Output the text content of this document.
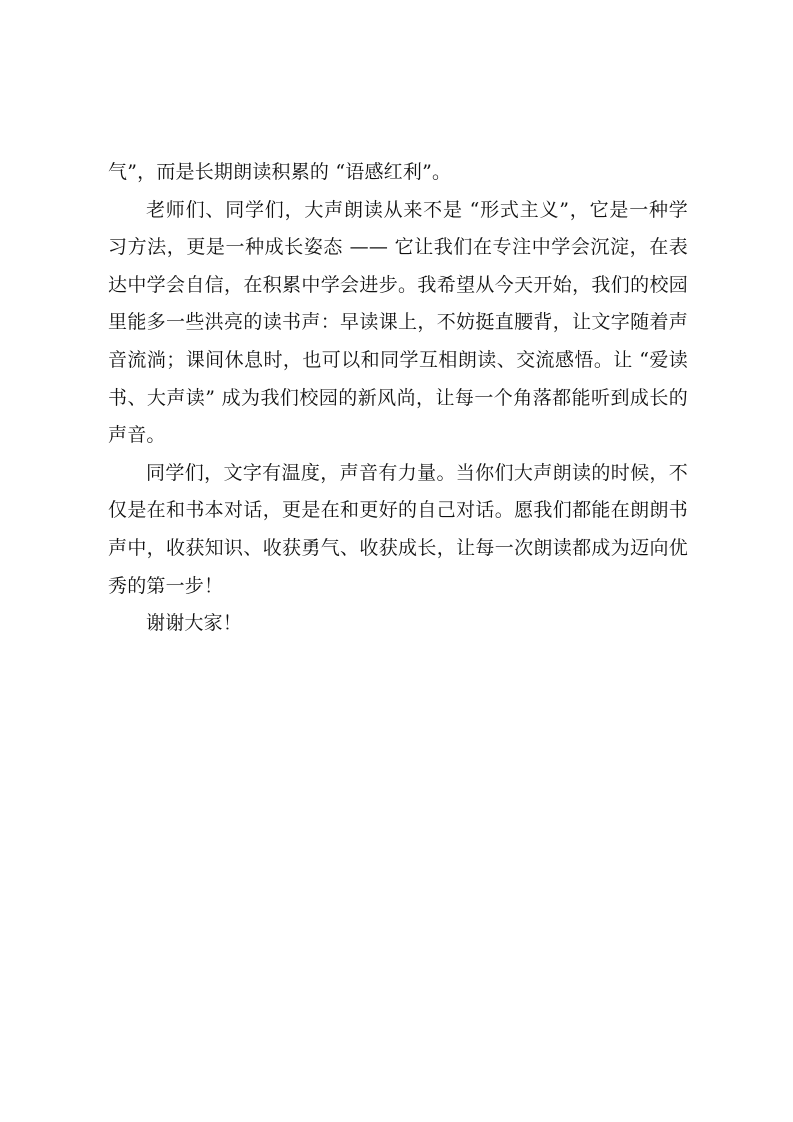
气”，而是长期朗读积累的 “语感红利”。

老师们、同学们，大声朗读从来不是 “形式主义”，它是一种学习方法，更是一种成长姿态 —— 它让我们在专注中学会沉淀，在表达中学会自信，在积累中学会进步。我希望从今天开始，我们的校园里能多一些洪亮的读书声：早读课上，不妨挺直腰背，让文字随着声音流淌；课间休息时，也可以和同学互相朗读、交流感悟。让 “爱读书、大声读” 成为我们校园的新风尚，让每一个角落都能听到成长的声音。

同学们，文字有温度，声音有力量。当你们大声朗读的时候，不仅是在和书本对话，更是在和更好的自己对话。愿我们都能在朗朗书声中，收获知识、收获勇气、收获成长，让每一次朗读都成为迈向优秀的第一步！

谢谢大家！
